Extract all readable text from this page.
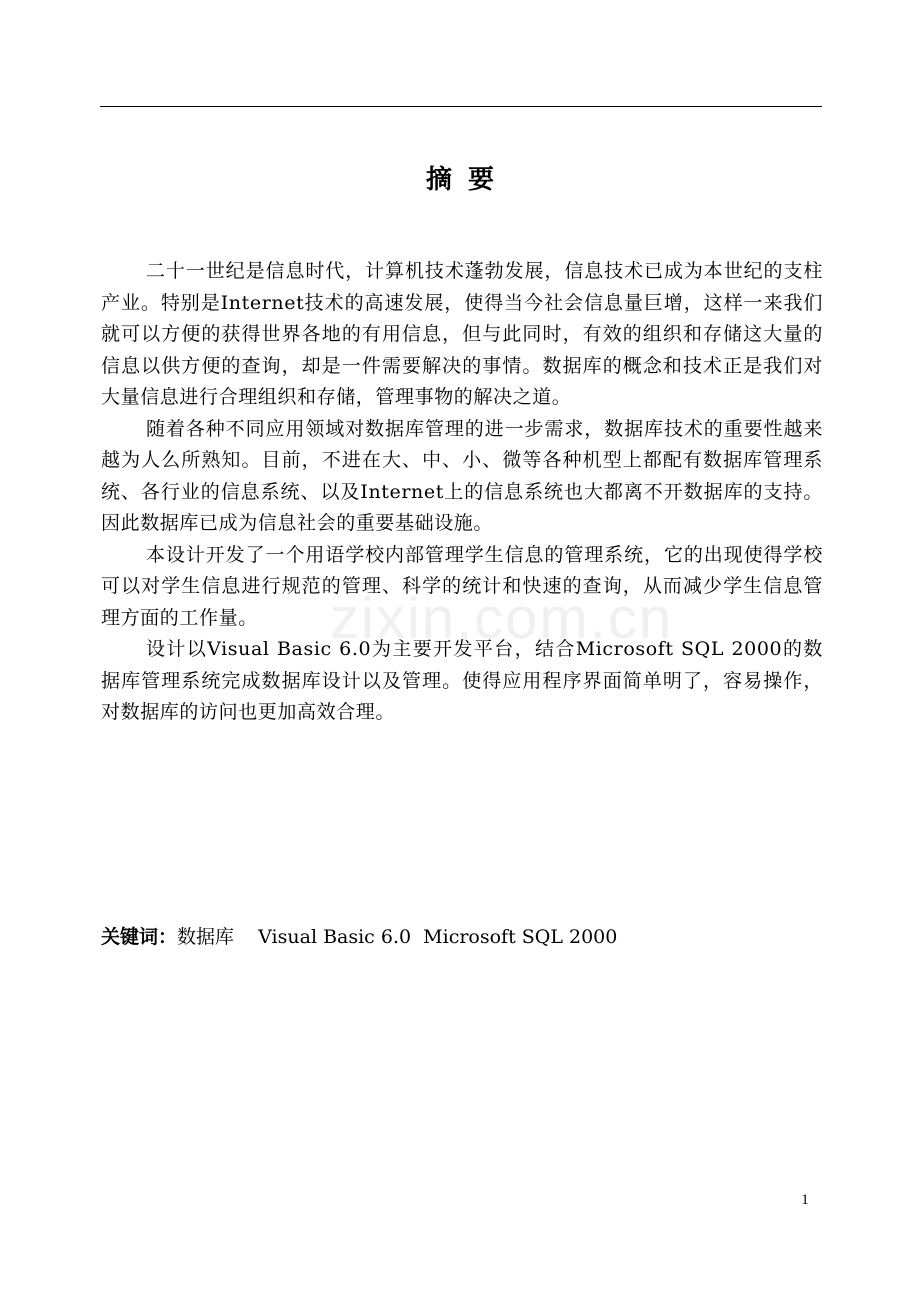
摘要

二十一世纪是信息时代，计算机技术蓬勃发展，信息技术已成为本世纪的支柱产业。特别是Internet技术的高速发展，使得当今社会信息量巨增，这样一来我们就可以方便的获得世界各地的有用信息，但与此同时，有效的组织和存储这大量的信息以供方便的查询，却是一件需要解决的事情。数据库的概念和技术正是我们对大量信息进行合理组织和存储，管理事物的解决之道。

随着各种不同应用领域对数据库管理的进一步需求，数据库技术的重要性越来越为人么所熟知。目前，不进在大、中、小、微等各种机型上都配有数据库管理系统、各行业的信息系统、以及Internet上的信息系统也大都离不开数据库的支持。因此数据库已成为信息社会的重要基础设施。

本设计开发了一个用语学校内部管理学生信息的管理系统，它的出现使得学校可以对学生信息进行规范的管理、科学的统计和快速的查询，从而减少学生信息管理方面的工作量。

设计以Visual Basic 6.0为主要开发平台，结合Microsoft SQL 2000的数据库管理系统完成数据库设计以及管理。使得应用程序界面简单明了，容易操作，对数据库的访问也更加高效合理。

关键词：数据库    Visual Basic 6.0  Microsoft SQL 2000
zixin.com.cn
1
